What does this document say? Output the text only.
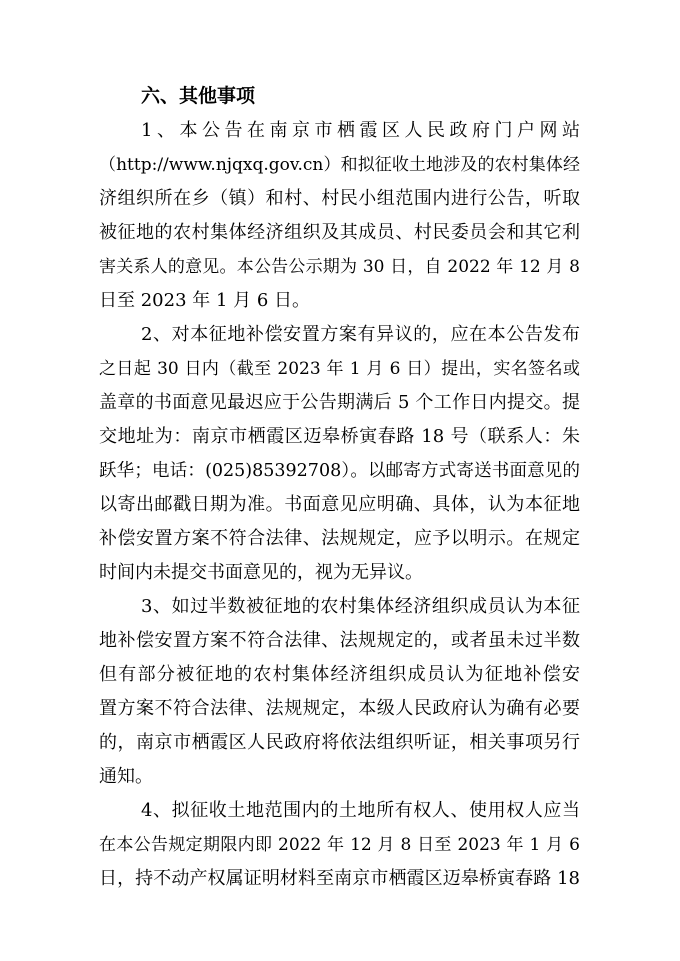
六、其他事项
1、本公告在南京市栖霞区人民政府门户网站
（http://www.njqxq.gov.cn）和拟征收土地涉及的农村集体经
济组织所在乡（镇）和村、村民小组范围内进行公告，听取
被征地的农村集体经济组织及其成员、村民委员会和其它利
害关系人的意见。本公告公示期为 30 日，自 2022 年 12 月 8
日至 2023 年 1 月 6 日。
2、对本征地补偿安置方案有异议的，应在本公告发布
之日起 30 日内（截至 2023 年 1 月 6 日）提出，实名签名或
盖章的书面意见最迟应于公告期满后 5 个工作日内提交。提
交地址为：南京市栖霞区迈皋桥寅春路 18 号（联系人：朱
跃华；电话：(025)85392708）。以邮寄方式寄送书面意见的
以寄出邮戳日期为准。书面意见应明确、具体，认为本征地
补偿安置方案不符合法律、法规规定，应予以明示。在规定
时间内未提交书面意见的，视为无异议。
3、如过半数被征地的农村集体经济组织成员认为本征
地补偿安置方案不符合法律、法规规定的，或者虽未过半数
但有部分被征地的农村集体经济组织成员认为征地补偿安
置方案不符合法律、法规规定，本级人民政府认为确有必要
的，南京市栖霞区人民政府将依法组织听证，相关事项另行
通知。
4、拟征收土地范围内的土地所有权人、使用权人应当
在本公告规定期限内即 2022 年 12 月 8 日至 2023 年 1 月 6
日，持不动产权属证明材料至南京市栖霞区迈皋桥寅春路 18
